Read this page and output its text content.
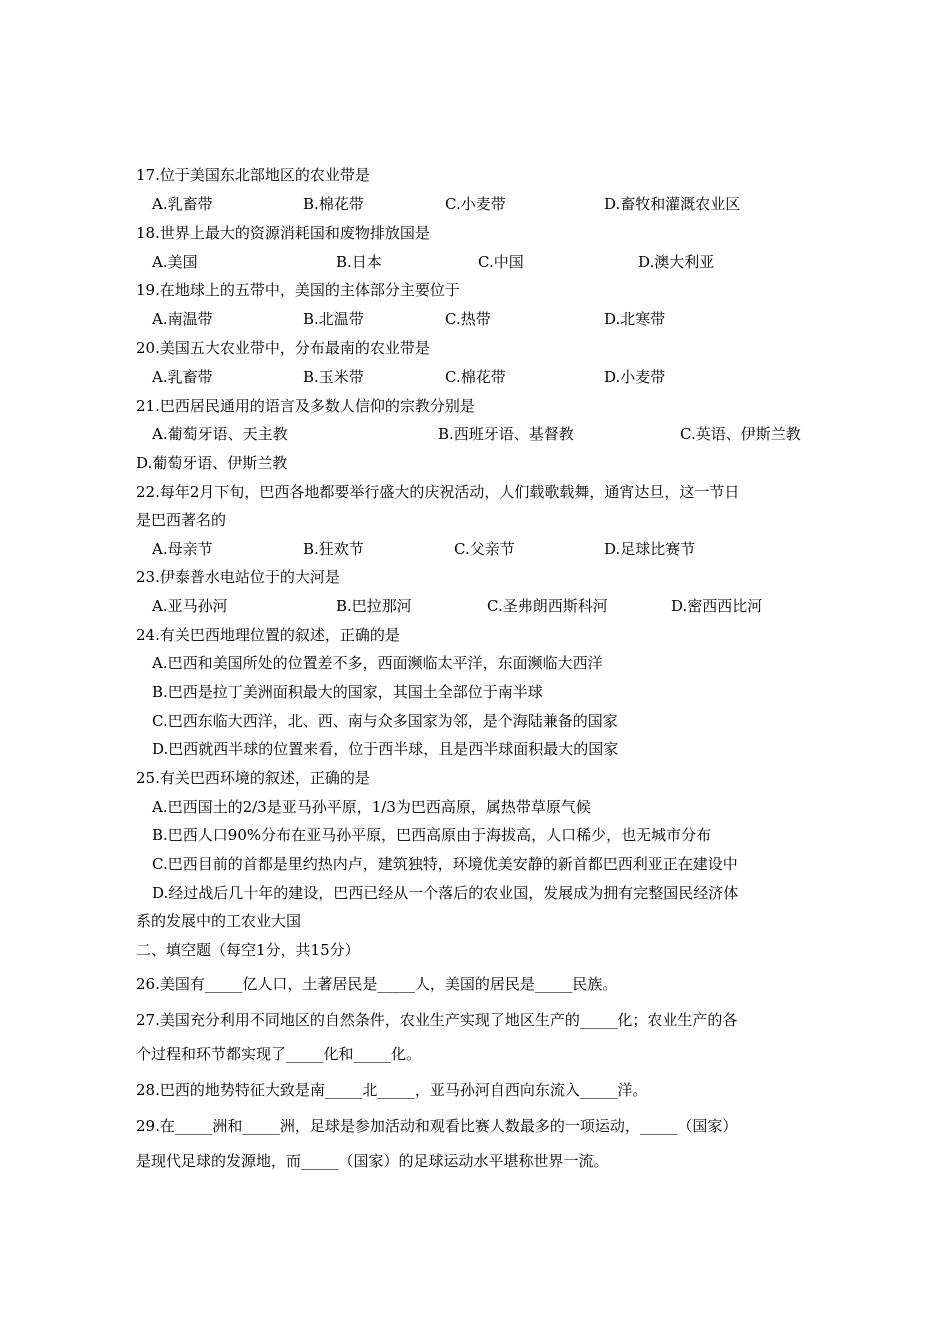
17.位于美国东北部地区的农业带是
A.乳畜带	B.棉花带	C.小麦带	D.畜牧和灌溉农业区
18.世界上最大的资源消耗国和废物排放国是
A.美国	B.日本	C.中国	D.澳大利亚
19.在地球上的五带中，美国的主体部分主要位于
A.南温带	B.北温带	C.热带	D.北寒带
20.美国五大农业带中，分布最南的农业带是
A.乳畜带	B.玉米带	C.棉花带	D.小麦带
21.巴西居民通用的语言及多数人信仰的宗教分别是
A.葡萄牙语、天主教	B.西班牙语、基督教	C.英语、伊斯兰教
D.葡萄牙语、伊斯兰教
22.每年2月下旬，巴西各地都要举行盛大的庆祝活动，人们载歌载舞，通宵达旦，这一节日
是巴西著名的
A.母亲节	B.狂欢节	C.父亲节	D.足球比赛节
23.伊泰普水电站位于的大河是
A.亚马孙河	B.巴拉那河	C.圣弗朗西斯科河	D.密西西比河
24.有关巴西地理位置的叙述，正确的是
A.巴西和美国所处的位置差不多，西面濒临太平洋，东面濒临大西洋
B.巴西是拉丁美洲面积最大的国家，其国土全部位于南半球
C.巴西东临大西洋，北、西、南与众多国家为邻，是个海陆兼备的国家
D.巴西就西半球的位置来看，位于西半球，且是西半球面积最大的国家
25.有关巴西环境的叙述，正确的是
A.巴西国土的2/3是亚马孙平原，1/3为巴西高原，属热带草原气候
B.巴西人口90%分布在亚马孙平原，巴西高原由于海拔高，人口稀少，也无城市分布
C.巴西目前的首都是里约热内卢，建筑独特，环境优美安静的新首都巴西利亚正在建设中
D.经过战后几十年的建设，巴西已经从一个落后的农业国，发展成为拥有完整国民经济体
系的发展中的工农业大国
二、填空题（每空1分，共15分）
26.美国有_____亿人口，土著居民是_____人，美国的居民是_____民族。
27.美国充分利用不同地区的自然条件，农业生产实现了地区生产的_____化；农业生产的各
个过程和环节都实现了_____化和_____化。
28.巴西的地势特征大致是南_____北_____，亚马孙河自西向东流入_____洋。
29.在_____洲和_____洲，足球是参加活动和观看比赛人数最多的一项运动，_____（国家）
是现代足球的发源地，而_____（国家）的足球运动水平堪称世界一流。
